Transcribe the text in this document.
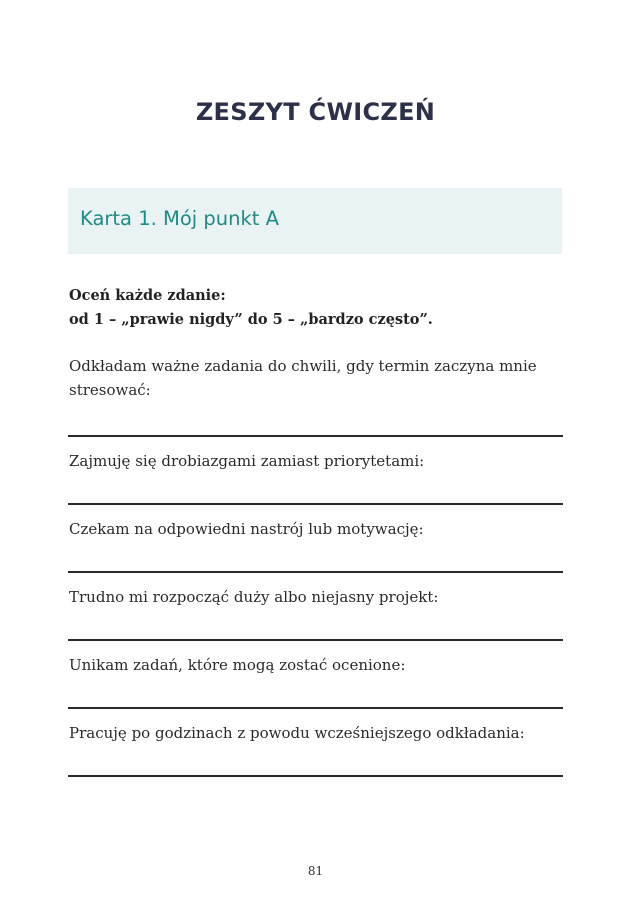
ZESZYT ĆWICZEŃ
Karta 1. Mój punkt A
Oceń każde zdanie:
od 1 – „prawie nigdy” do 5 – „bardzo często”.
Odkładam ważne zadania do chwili, gdy termin zaczyna mnie stresować:
Zajmuję się drobiazgami zamiast priorytetami:
Czekam na odpowiedni nastrój lub motywację:
Trudno mi rozpocząć duży albo niejasny projekt:
Unikam zadań, które mogą zostać ocenione:
Pracuję po godzinach z powodu wcześniejszego odkładania:
81
